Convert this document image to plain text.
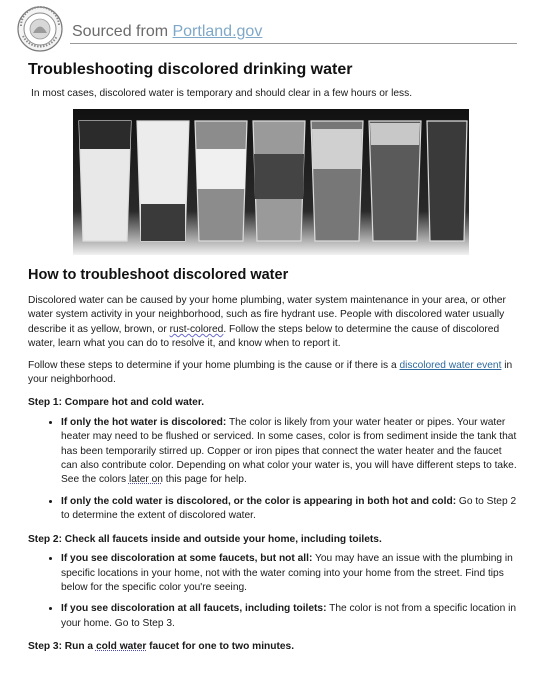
Sourced from Portland.gov
Troubleshooting discolored drinking water
In most cases, discolored water is temporary and should clear in a few hours or less.
How to troubleshoot discolored water

Discolored water can be caused by your home plumbing, water system maintenance in your area, or other water system activity in your neighborhood, such as fire hydrant use. People with discolored water usually describe it as yellow, brown, or rust-colored. Follow the steps below to determine the cause of discolored water, learn what you can do to resolve it, and know when to report it.

Follow these steps to determine if your home plumbing is the cause or if there is a discolored water event in your neighborhood.

Step 1: Compare hot and cold water.

• If only the hot water is discolored: The color is likely from your water heater or pipes. Your water heater may need to be flushed or serviced. In some cases, color is from sediment inside the tank that has been temporarily stirred up. Copper or iron pipes that connect the water heater and the faucet can also contribute color. Depending on what color your water is, you will have different steps to take. See the colors later on this page for help.
• If only the cold water is discolored, or the color is appearing in both hot and cold: Go to Step 2 to determine the extent of discolored water.

Step 2: Check all faucets inside and outside your home, including toilets.

• If you see discoloration at some faucets, but not all: You may have an issue with the plumbing in specific locations in your home, not with the water coming into your home from the street. Find tips below for the specific color you're seeing.
• If you see discoloration at all faucets, including toilets: The color is not from a specific location in your home. Go to Step 3.

Step 3: Run a cold water faucet for one to two minutes.
